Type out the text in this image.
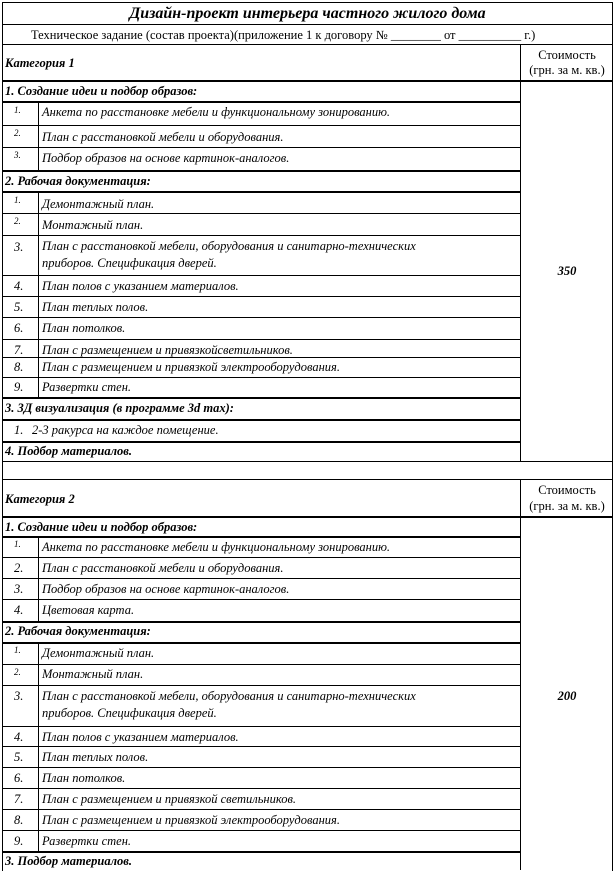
Дизайн-проект интерьера частного жилого дома
Техническое задание (состав проекта)(приложение 1 к договору № ________ от __________ г.)
Категория 1
Стоимость
(грн. за м. кв.)
350
1. Создание идеи и подбор образов:
1. Анкета по расстановке мебели и функциональному зонированию.
2. План с расстановкой мебели и оборудования.
3. Подбор образов на основе картинок-аналогов.
2. Рабочая документация:
1. Демонтажный план.
2. Монтажный план.
3. План с расстановкой мебели, оборудования и санитарно-технических
приборов. Спецификация дверей.
4. План полов с указанием материалов.
5. План теплых полов.
6. План потолков.
7. План с размещением и привязкойсветильников.
8. План с размещением и привязкой электрооборудования.
9. Развертки стен.
3. 3Д визуализация (в программе 3d max):
1. 2-3 ракурса на каждое помещение.
4. Подбор материалов.
Категория 2
Стоимость
(грн. за м. кв.)
200
1. Создание идеи и подбор образов:
1. Анкета по расстановке мебели и функциональному зонированию.
2. План с расстановкой мебели и оборудования.
3. Подбор образов на основе картинок-аналогов.
4. Цветовая карта.
2. Рабочая документация:
1. Демонтажный план.
2. Монтажный план.
3. План с расстановкой мебели, оборудования и санитарно-технических
приборов. Спецификация дверей.
4. План полов с указанием материалов.
5. План теплых полов.
6. План потолков.
7. План с размещением и привязкой светильников.
8. План с размещением и привязкой электрооборудования.
9. Развертки стен.
3. Подбор материалов.
